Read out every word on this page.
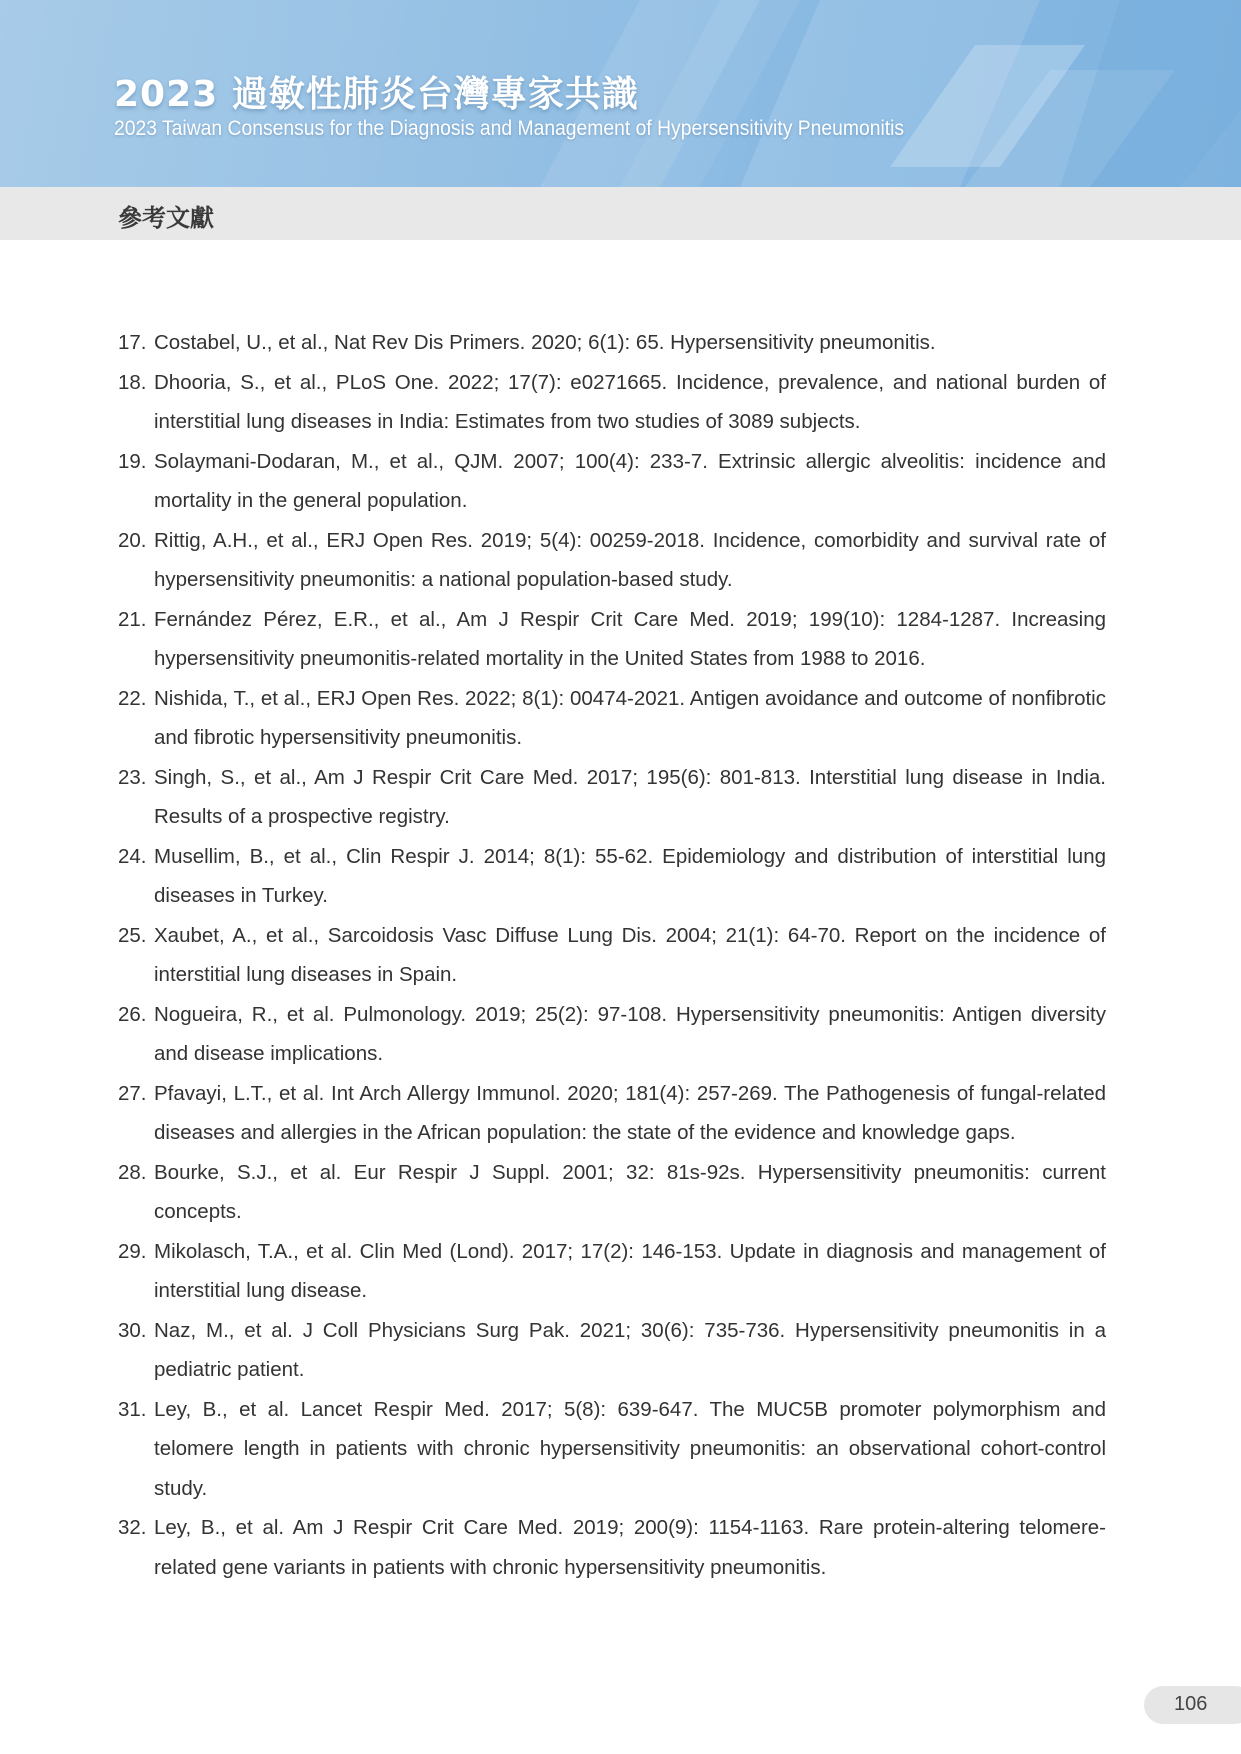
2023 過敏性肺炎台灣專家共識
2023 Taiwan Consensus for the Diagnosis and Management of Hypersensitivity Pneumonitis
參考文獻
17. Costabel, U., et al., Nat Rev Dis Primers. 2020; 6(1): 65. Hypersensitivity pneumonitis.
18. Dhooria, S., et al., PLoS One. 2022; 17(7): e0271665. Incidence, prevalence, and national burden of interstitial lung diseases in India: Estimates from two studies of 3089 subjects.
19. Solaymani-Dodaran, M., et al., QJM. 2007; 100(4): 233-7. Extrinsic allergic alveolitis: incidence and mortality in the general population.
20. Rittig, A.H., et al., ERJ Open Res. 2019; 5(4): 00259-2018. Incidence, comorbidity and survival rate of hypersensitivity pneumonitis: a national population-based study.
21. Fernández Pérez, E.R., et al., Am J Respir Crit Care Med. 2019; 199(10): 1284-1287. Increasing hypersensitivity pneumonitis-related mortality in the United States from 1988 to 2016.
22. Nishida, T., et al., ERJ Open Res. 2022; 8(1): 00474-2021. Antigen avoidance and outcome of nonfibrotic and fibrotic hypersensitivity pneumonitis.
23. Singh, S., et al., Am J Respir Crit Care Med. 2017; 195(6): 801-813. Interstitial lung disease in India. Results of a prospective registry.
24. Musellim, B., et al., Clin Respir J. 2014; 8(1): 55-62. Epidemiology and distribution of interstitial lung diseases in Turkey.
25. Xaubet, A., et al., Sarcoidosis Vasc Diffuse Lung Dis. 2004; 21(1): 64-70. Report on the incidence of interstitial lung diseases in Spain.
26. Nogueira, R., et al. Pulmonology. 2019; 25(2): 97-108. Hypersensitivity pneumonitis: Antigen diversity and disease implications.
27. Pfavayi, L.T., et al. Int Arch Allergy Immunol. 2020; 181(4): 257-269. The Pathogenesis of fungal-related diseases and allergies in the African population: the state of the evidence and knowledge gaps.
28. Bourke, S.J., et al. Eur Respir J Suppl. 2001; 32: 81s-92s. Hypersensitivity pneumonitis: current concepts.
29. Mikolasch, T.A., et al. Clin Med (Lond). 2017; 17(2): 146-153. Update in diagnosis and management of interstitial lung disease.
30. Naz, M., et al. J Coll Physicians Surg Pak. 2021; 30(6): 735-736. Hypersensitivity pneumonitis in a pediatric patient.
31. Ley, B., et al. Lancet Respir Med. 2017; 5(8): 639-647. The MUC5B promoter polymorphism and telomere length in patients with chronic hypersensitivity pneumonitis: an observational cohort-control study.
32. Ley, B., et al. Am J Respir Crit Care Med. 2019; 200(9): 1154-1163. Rare protein-altering telomere-related gene variants in patients with chronic hypersensitivity pneumonitis.
106
